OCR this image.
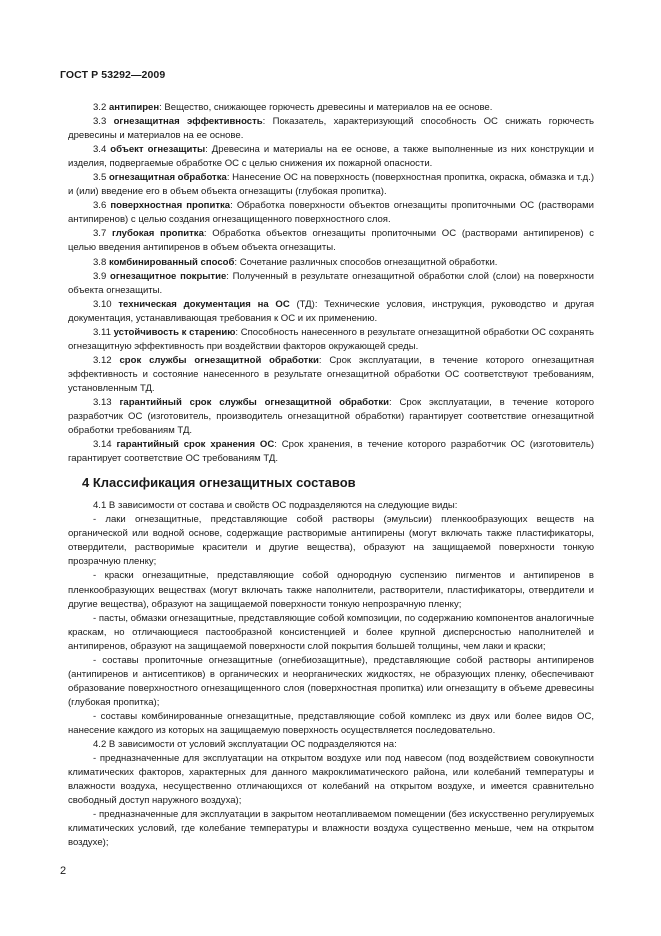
ГОСТ Р 53292—2009

3.2 антипирен: Вещество, снижающее горючесть древесины и материалов на ее основе.

3.3 огнезащитная эффективность: Показатель, характеризующий способность ОС снижать горючесть древесины и материалов на ее основе.

3.4 объект огнезащиты: Древесина и материалы на ее основе, а также выполненные из них конструкции и изделия, подвергаемые обработке ОС с целью снижения их пожарной опасности.

3.5 огнезащитная обработка: Нанесение ОС на поверхность (поверхностная пропитка, окраска, обмазка и т.д.) и (или) введение его в объем объекта огнезащиты (глубокая пропитка).

3.6 поверхностная пропитка: Обработка поверхности объектов огнезащиты пропиточными ОС (растворами антипиренов) с целью создания огнезащищенного поверхностного слоя.

3.7 глубокая пропитка: Обработка объектов огнезащиты пропиточными ОС (растворами антипиренов) с целью введения антипиренов в объем объекта огнезащиты.

3.8 комбинированный способ: Сочетание различных способов огнезащитной обработки.

3.9 огнезащитное покрытие: Полученный в результате огнезащитной обработки слой (слои) на поверхности объекта огнезащиты.

3.10 техническая документация на ОС (ТД): Технические условия, инструкция, руководство и другая документация, устанавливающая требования к ОС и их применению.

3.11 устойчивость к старению: Способность нанесенного в результате огнезащитной обработки ОС сохранять огнезащитную эффективность при воздействии факторов окружающей среды.

3.12 срок службы огнезащитной обработки: Срок эксплуатации, в течение которого огнезащитная эффективность и состояние нанесенного в результате огнезащитной обработки ОС соответствуют требованиям, установленным ТД.

3.13 гарантийный срок службы огнезащитной обработки: Срок эксплуатации, в течение которого разработчик ОС (изготовитель, производитель огнезащитной обработки) гарантирует соответствие огнезащитной обработки требованиям ТД.

3.14 гарантийный срок хранения ОС: Срок хранения, в течение которого разработчик ОС (изготовитель) гарантирует соответствие ОС требованиям ТД.

4 Классификация огнезащитных составов

4.1 В зависимости от состава и свойств ОС подразделяются на следующие виды:

- лаки огнезащитные, представляющие собой растворы (эмульсии) пленкообразующих веществ на органической или водной основе, содержащие растворимые антипирены (могут включать также пластификаторы, отвердители, растворимые красители и другие вещества), образуют на защищаемой поверхности тонкую прозрачную пленку;

- краски огнезащитные, представляющие собой однородную суспензию пигментов и антипиренов в пленкообразующих веществах (могут включать также наполнители, растворители, пластификаторы, отвердители и другие вещества), образуют на защищаемой поверхности тонкую непрозрачную пленку;

- пасты, обмазки огнезащитные, представляющие собой композиции, по содержанию компонентов аналогичные краскам, но отличающиеся пастообразной консистенцией и более крупной дисперсностью наполнителей и антипиренов, образуют на защищаемой поверхности слой покрытия большей толщины, чем лаки и краски;

- составы пропиточные огнезащитные (огнебиозащитные), представляющие собой растворы антипиренов (антипиренов и антисептиков) в органических и неорганических жидкостях, не образующих пленку, обеспечивают образование поверхностного огнезащищенного слоя (поверхностная пропитка) или огнезащиту в объеме древесины (глубокая пропитка);

- составы комбинированные огнезащитные, представляющие собой комплекс из двух или более видов ОС, нанесение каждого из которых на защищаемую поверхность осуществляется последовательно.

4.2 В зависимости от условий эксплуатации ОС подразделяются на:

- предназначенные для эксплуатации на открытом воздухе или под навесом (под воздействием совокупности климатических факторов, характерных для данного макроклиматического района, или колебаний температуры и влажности воздуха, несущественно отличающихся от колебаний на открытом воздухе, и имеется сравнительно свободный доступ наружного воздуха);

- предназначенные для эксплуатации в закрытом неотапливаемом помещении (без искусственно регулируемых климатических условий, где колебание температуры и влажности воздуха существенно меньше, чем на открытом воздухе);

2
